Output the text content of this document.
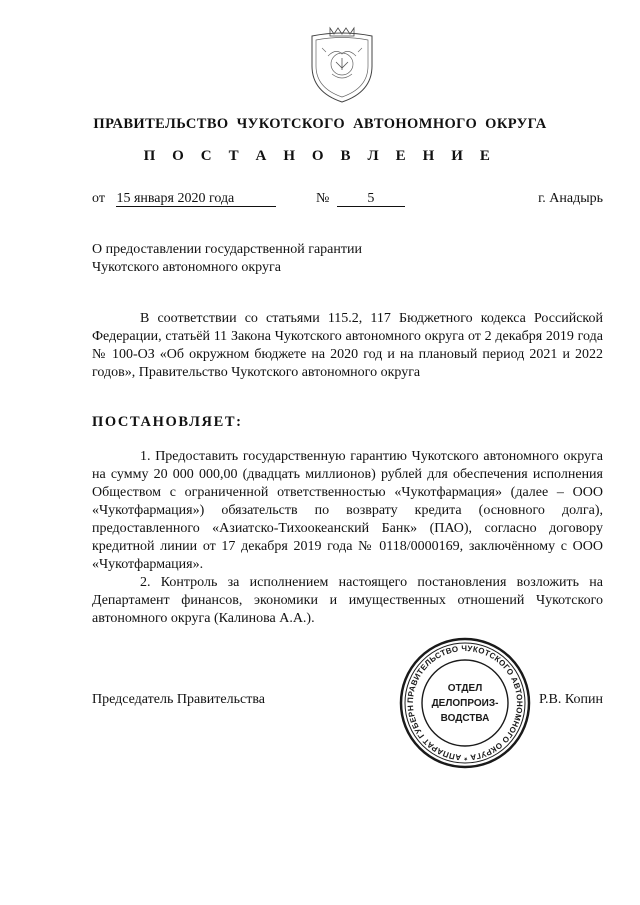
ПРАВИТЕЛЬСТВО ЧУКОТСКОГО АВТОНОМНОГО ОКРУГА
П О С Т А Н О В Л Е Н И Е
от 15 января 2020 года	№	5	г. Анадырь
О предоставлении государственной гарантии
Чукотского автономного округа

В соответствии со статьями 115.2, 117 Бюджетного кодекса Российской Федерации, статьёй 11 Закона Чукотского автономного округа от 2 декабря 2019 года № 100-ОЗ «Об окружном бюджете на 2020 год и на плановый период 2021 и 2022 годов», Правительство Чукотского автономного округа

ПОСТАНОВЛЯЕТ:

1. Предоставить государственную гарантию Чукотского автономного округа на сумму 20 000 000,00 (двадцать миллионов) рублей для обеспечения исполнения Обществом с ограниченной ответственностью «Чукотфармация» (далее – ООО «Чукотфармация») обязательств по возврату кредита (основного долга), предоставленного «Азиатско-Тихоокеанский Банк» (ПАО), согласно договору кредитной линии от 17 декабря 2019 года № 0118/0000169, заключённому с ООО «Чукотфармация».

2. Контроль за исполнением настоящего постановления возложить на Департамент финансов, экономики и имущественных отношений Чукотского автономного округа (Калинова А.А.).

Председатель Правительства	Р.В. Копин
ПРАВИТЕЛЬСТВО ЧУКОТСКОГО АВТОНОМНОГО ОКРУГА * АППАРАТ ГУБЕРН
ОТДЕЛ
ДЕЛОПРОИЗ-
ВОДСТВА
